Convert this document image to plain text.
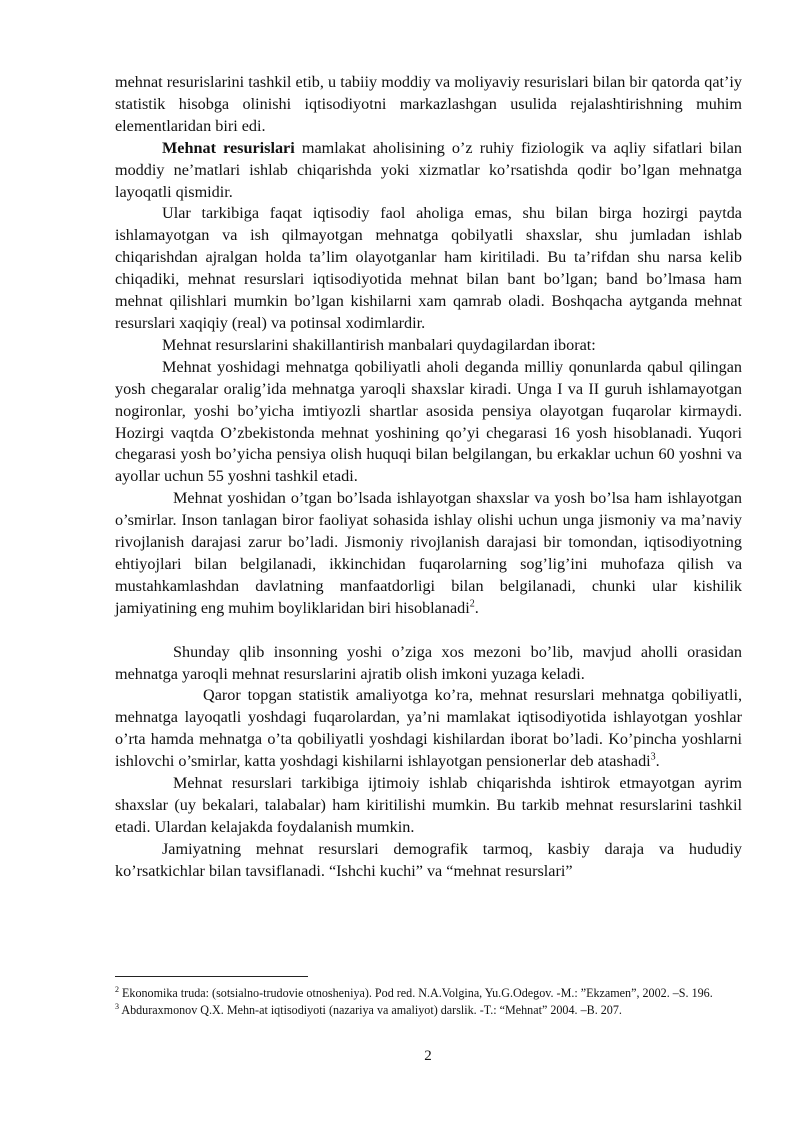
mehnat resurislarini tashkil etib, u tabiiy moddiy va moliyaviy resurislari bilan bir qatorda qat’iy statistik hisobga olinishi iqtisodiyotni markazlashgan usulida rejalashtirishning muhim elementlaridan biri edi.

Mehnat resurislari mamlakat aholisining o’z ruhiy fiziologik va aqliy sifatlari bilan moddiy ne’matlari ishlab chiqarishda yoki xizmatlar ko’rsatishda qodir bo’lgan mehnatga layoqatli qismidir.

Ular tarkibiga faqat iqtisodiy faol aholiga emas, shu bilan birga hozirgi paytda ishlamayotgan va ish qilmayotgan mehnatga qobilyatli shaxslar, shu jumladan ishlab chiqarishdan ajralgan holda ta’lim olayotganlar ham kiritiladi. Bu ta’rifdan shu narsa kelib chiqadiki, mehnat resurslari iqtisodiyotida mehnat bilan bant bo’lgan; band bo’lmasa ham mehnat qilishlari mumkin bo’lgan kishilarni xam qamrab oladi. Boshqacha aytganda mehnat resurslari xaqiqiy (real) va potinsal xodimlardir.

Mehnat resurslarini shakillantirish manbalari quydagilardan iborat:

Mehnat yoshidagi mehnatga qobiliyatli aholi deganda milliy qonunlarda qabul qilingan yosh chegaralar oralig’ida mehnatga yaroqli shaxslar kiradi. Unga I va II guruh ishlamayotgan nogironlar, yoshi bo’yicha imtiyozli shartlar asosida pensiya olayotgan fuqarolar kirmaydi. Hozirgi vaqtda O’zbekistonda mehnat yoshining qo’yi chegarasi 16 yosh hisoblanadi. Yuqori chegarasi yosh bo’yicha pensiya olish huquqi bilan belgilangan, bu erkaklar uchun 60 yoshni va ayollar uchun 55 yoshni tashkil etadi.

Mehnat yoshidan o’tgan bo’lsada ishlayotgan shaxslar va yosh bo’lsa ham ishlayotgan o’smirlar. Inson tanlagan biror faoliyat sohasida ishlay olishi uchun unga jismoniy va ma’naviy rivojlanish darajasi zarur bo’ladi. Jismoniy rivojlanish darajasi bir tomondan, iqtisodiyotning ehtiyojlari bilan belgilanadi, ikkinchidan fuqarolarning sog’lig’ini muhofaza qilish va mustahkamlashdan davlatning manfaatdorligi bilan belgilanadi, chunki ular kishilik jamiyatining eng muhim boyliklaridan biri hisoblanadi$^2$.

Shunday qlib insonning yoshi o’ziga xos mezoni bo’lib, mavjud aholli orasidan mehnatga yaroqli mehnat resurslarini ajratib olish imkoni yuzaga keladi.

Qaror topgan statistik amaliyotga ko’ra, mehnat resurslari mehnatga qobiliyatli, mehnatga layoqatli yoshdagi fuqarolardan, ya’ni mamlakat iqtisodiyotida ishlayotgan yoshlar o’rta hamda mehnatga o’ta qobiliyatli yoshdagi kishilardan iborat bo’ladi. Ko’pincha yoshlarni ishlovchi o’smirlar, katta yoshdagi kishilarni ishlayotgan pensionerlar deb atashadi$^3$.

Mehnat resurslari tarkibiga ijtimoiy ishlab chiqarishda ishtirok etmayotgan ayrim shaxslar (uy bekalari, talabalar) ham kiritilishi mumkin. Bu tarkib mehnat resurslarini tashkil etadi. Ulardan kelajakda foydalanish mumkin.

Jamiyatning mehnat resurslari demografik tarmoq, kasbiy daraja va hududiy ko’rsatkichlar bilan tavsiflanadi. “Ishchi kuchi” va “mehnat resurslari”

$^2$ Ekonomika truda: (sotsialno-trudovie otnosheniya). Pod red. N.A.Volgina, Yu.G.Odegov. -M.: ”Ekzamen”, 2002. –S. 196.

$^3$ Abduraxmonov Q.X. Mehn-at iqtisodiyoti (nazariya va amaliyot) darslik. -T.: “Mehnat” 2004. –B. 207.

2
